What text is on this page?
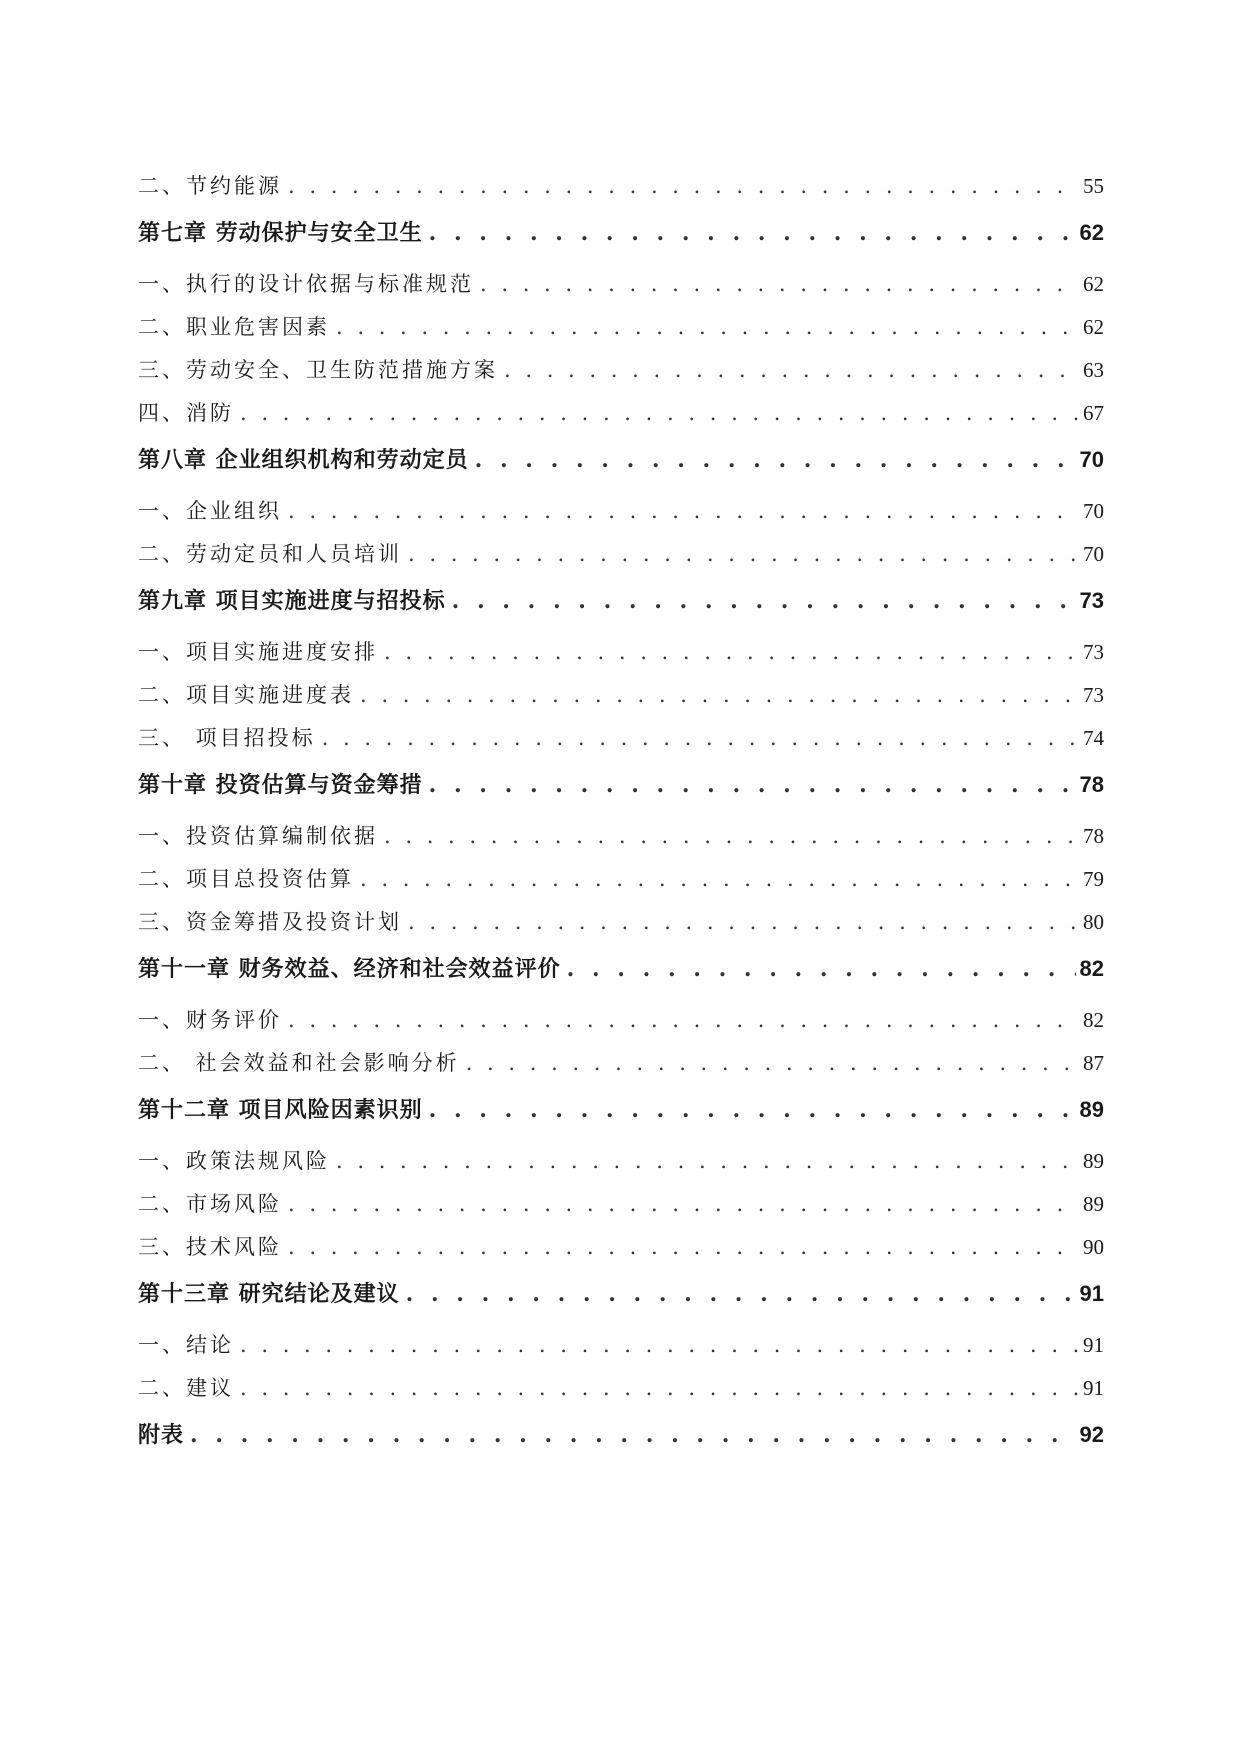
二、节约能源 . . .	55
第七章 劳动保护与安全卫生 . . .	62
一、执行的设计依据与标准规范 . . .	62
二、职业危害因素 . . .	62
三、劳动安全、卫生防范措施方案 . . .	63
四、消防 . . .	67
第八章 企业组织机构和劳动定员 . . .	70
一、企业组织 . . .	70
二、劳动定员和人员培训 . . .	70
第九章 项目实施进度与招投标 . . .	73
一、项目实施进度安排 . . .	73
二、项目实施进度表 . . .	73
三、 项目招投标 . . .	74
第十章 投资估算与资金筹措 . . .	78
一、投资估算编制依据 . . .	78
二、项目总投资估算 . . .	79
三、资金筹措及投资计划 . . .	80
第十一章 财务效益、经济和社会效益评价 . . .	82
一、财务评价 . . .	82
二、 社会效益和社会影响分析 . . .	87
第十二章 项目风险因素识别 . . .	89
一、政策法规风险 . . .	89
二、市场风险 . . .	89
三、技术风险 . . .	90
第十三章 研究结论及建议 . . .	91
一、结论 . . .	91
二、建议 . . .	91
附表 . . .	92
